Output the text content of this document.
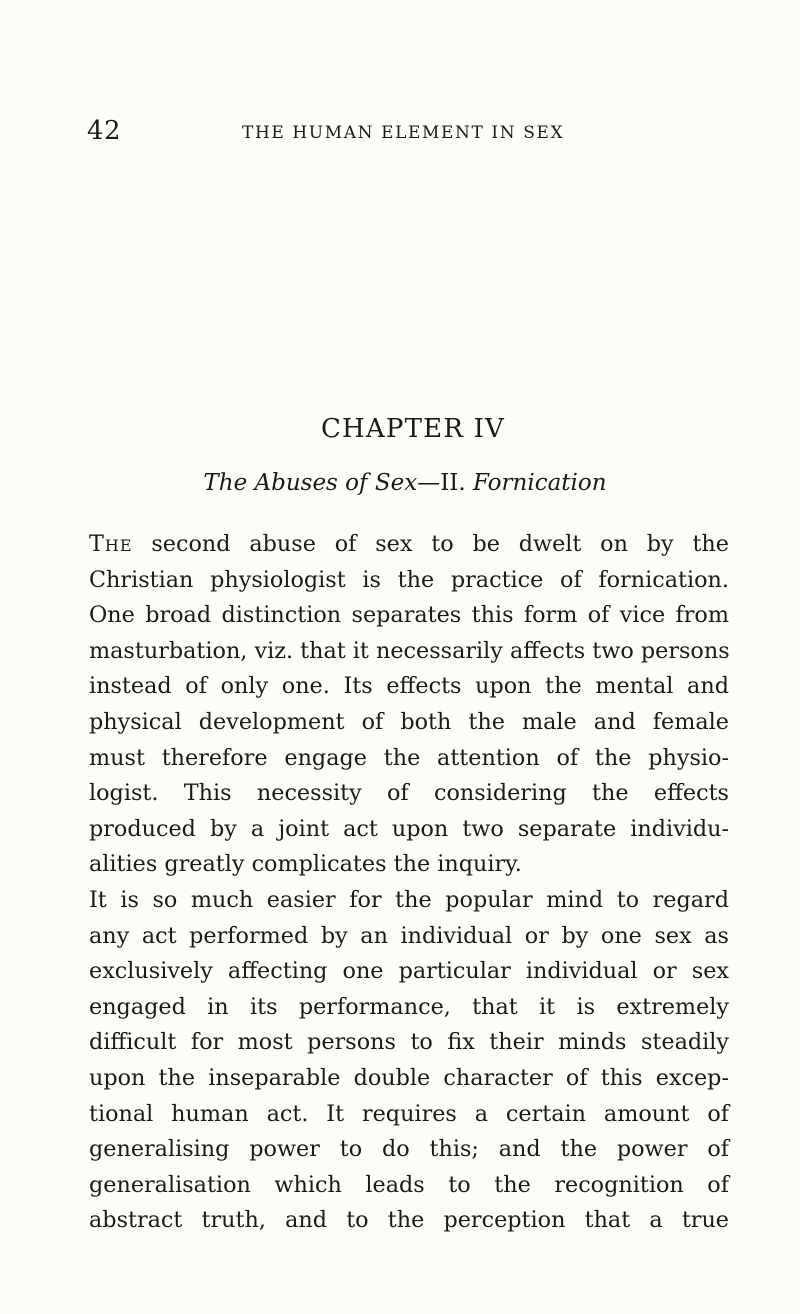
42	THE HUMAN ELEMENT IN SEX
CHAPTER IV
The Abuses of Sex—II. Fornication
The second abuse of sex to be dwelt on by the
Christian physiologist is the practice of fornication.
One broad distinction separates this form of vice from
masturbation, viz. that it necessarily affects two persons
instead of only one. Its effects upon the mental and
physical development of both the male and female
must therefore engage the attention of the physio-
logist. This necessity of considering the effects
produced by a joint act upon two separate individu-
alities greatly complicates the inquiry.
It is so much easier for the popular mind to regard
any act performed by an individual or by one sex as
exclusively affecting one particular individual or sex
engaged in its performance, that it is extremely
difficult for most persons to fix their minds steadily
upon the inseparable double character of this excep-
tional human act. It requires a certain amount of
generalising power to do this; and the power of
generalisation which leads to the recognition of
abstract truth, and to the perception that a true
